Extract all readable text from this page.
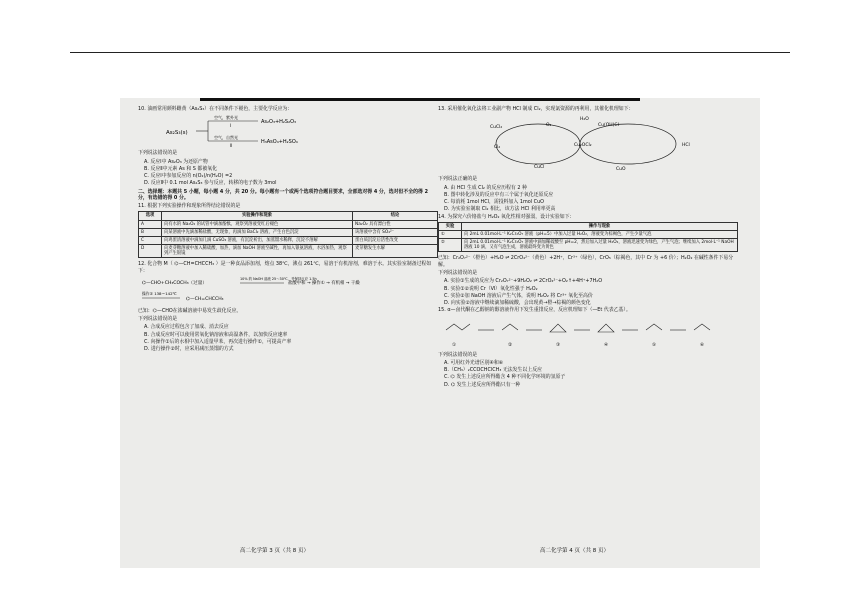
10. 油画常用颜料雌黄（As₂S₃）在不同条件下褪色，主要化学反应为：

As₂S₃(s)
空气，紫外光
Ⅰ
As₂O₃+H₂S₂O₃
空气，自然光
Ⅱ
H₃AsO₄+H₂SO₄

下列说法错误的是

A. 反应Ⅰ中 As₂O₃ 为还原产物

B. 反应Ⅱ中元素 As 和 S 都被氧化

C. 反应Ⅰ中参加反应的 n(O₂)/n(H₂O) =2

D. 反应Ⅱ中 0.1 mol As₂S₃ 参与反应，转移的电子数为 3mol

二、选择题：本题共 5 小题，每小题 4 分，共 20 分。每小题有一个或两个选项符合题目要求，全部选对得 4 分，选对但不全的得 2 分，有选错的得 0 分。

11. 根据下列实验操作和现象所得结论错误的是

选项	实验操作和现象	结论
A	向有水的 Na₂O₂ 的试管中滴加酚酞，观察到溶液变红后褪色	Na₂O₂ 具有漂白性
B	向某溶液中先滴加稀盐酸，无现象，再滴加 BaCl₂ 溶液，产生白色沉淀	该溶液中含有 SO₄²⁻
C	向鸡蛋清溶液中滴加几滴 CuSO₄ 溶液，有沉淀析出，加蒸馏水稀释，沉淀不溶解	蛋白质沉淀后活性改变
D	向麦芽糖溶液中加入稀硫酸，加热，滴加 NaOH 溶液至碱性，再加入银氨溶液，水浴加热，观察到产生银镜	麦芽糖发生水解

12. 化合物 M（ ⌬—CH=CHCCH₃ ）是一种食品添加剂，熔点 38℃，沸点 261℃，易溶于有机溶剂，难溶于水。其实验室制备过程如下：

⌬—CHO+CH₃COCH₃（过量）
10% 的 NaOH 溶液 25～30℃，并保持反应 1.5h
盐酸中和 → 操作① → 有机相 → 干燥
操作② 138～142℃
⌬—CH=CHCCH₃

已知：⌬—CHO在浓碱溶液中易发生歧化反应。

下列说法错误的是

A. 合成反应过程包含了加成、消去反应

B. 合成反应时可以使用常氧化钠溶液和高温条件，以加快反应速率

C. 向操作①后的水相中加入适量甲苯，再次进行操作①，可提高产率

D. 进行操作②时，应采用减压蒸馏的方式

13. 采用催化氧化法将工业副产物 HCl 制成 Cl₂，实现氯资源的再利用，其催化机理如下：

CuCl₂
Cl₂
CuCl
O₂	Cu(OH)Cl
H₂O
HCl
Cu₂OCl₂
CuO

下列说法正确的是

A. 由 HCl 生成 Cl₂ 的反应历程有 2 种

B. 图中转化涉及的反应中有三个属于氧化还原反应

C. 每消耗 1mol HCl，需投料加入 1mol CuO

D. 为实验室制取 Cl₂ 相比，该方法 HCl 利用率更高

14. 为探究六价铬盐与 H₂O₂ 氧化性相对强弱，设计实验如下：

实验	操作与现象
①	向 2mL 0.01mol·L⁻¹ K₂Cr₂O₇ 溶液（pH=5）中加入过量 H₂O₂，溶液变为棕褐色，产生少量气泡
②	向 2mL 0.01mol·L⁻¹ K₂Cr₂O₇ 溶液中滴加稀硫酸至 pH=2，然后加入过量 H₂O₂，溶液迅速变为绿色，产生气泡；继续加入 2mol·L⁻¹ NaOH 溶液 10 滴，又有气泡生成，溶液最终变为黄色

已知：Cr₂O₇²⁻（橙色）+H₂O ⇌ 2CrO₄²⁻（黄色）+2H⁺，Cr³⁺（绿色），CrO₅（棕褐色，其中 Cr 为 +6 价）；H₂O₂ 在碱性条件下易分解。

下列说法错误的是

A. 实验①生成的反应为 Cr₂O₇²⁻+9H₂O₂ ⇌ 2CrO₄²⁻+O₂↑+4H⁺+7H₂O

B. 实验①②说明 Cr（Ⅵ）氧化性强于 H₂O₂

C. 实验②加 NaOH 溶液后产生气体，说明 H₂O₂ 将 Cr³⁺ 氧化至高价

D. 向实验②溶液中继续滴加稀硫酸，会出现黄→橙→棕褐的颜色变化

15. α—卤代酮在乙醇钠的醇溶液作用下发生重排反应，反应机理如下（—Et 代表乙基）。

①	②	③	④	⑤	⑥

下列说法错误的是

A. 可用红外光谱区别④和⑥

B.（CH₃）₂CCOCHClCH₃ 无法发生以上反应

C. ⌬ 发生上述反应所得酯含 4 种不同化学环境的氢原子

D. ⌬ 发生上述反应所得酯只有一种

高二化学第 3 页（共 8 页）	高二化学第 4 页（共 8 页）
